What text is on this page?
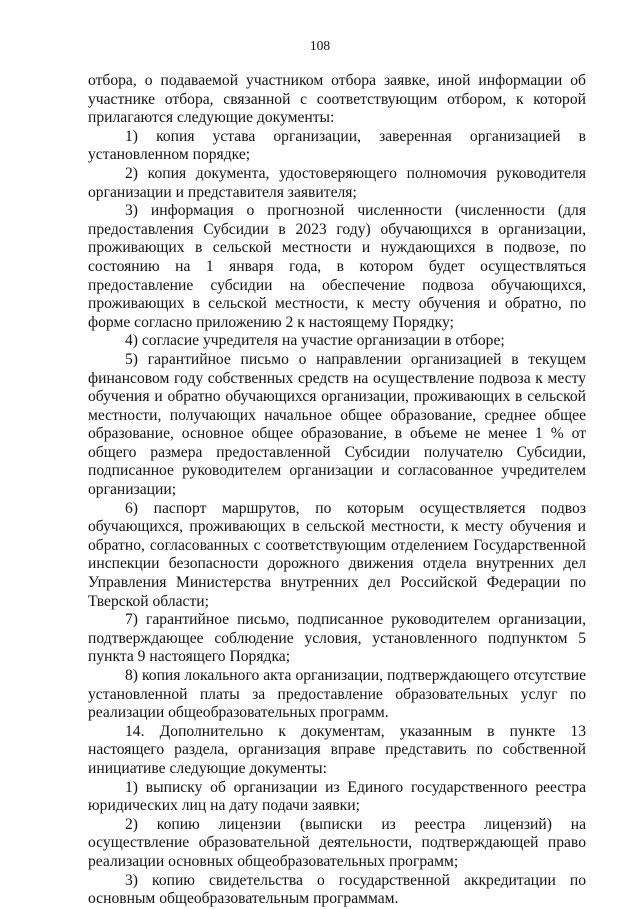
108

отбора, о подаваемой участником отбора заявке, иной информации об участнике отбора, связанной с соответствующим отбором, к которой прилагаются следующие документы:

1) копия устава организации, заверенная организацией в установленном порядке;

2) копия документа, удостоверяющего полномочия руководителя организации и представителя заявителя;

3) информация о прогнозной численности (численности (для предоставления Субсидии в 2023 году) обучающихся в организации, проживающих в сельской местности и нуждающихся в подвозе, по состоянию на 1 января года, в котором будет осуществляться предоставление субсидии на обеспечение подвоза обучающихся, проживающих в сельской местности, к месту обучения и обратно, по форме согласно приложению 2 к настоящему Порядку;

4) согласие учредителя на участие организации в отборе;

5) гарантийное письмо о направлении организацией в текущем финансовом году собственных средств на осуществление подвоза к месту обучения и обратно обучающихся организации, проживающих в сельской местности, получающих начальное общее образование, среднее общее образование, основное общее образование, в объеме не менее 1 % от общего размера предоставленной Субсидии получателю Субсидии, подписанное руководителем организации и согласованное учредителем организации;

6) паспорт маршрутов, по которым осуществляется подвоз обучающихся, проживающих в сельской местности, к месту обучения и обратно, согласованных с соответствующим отделением Государственной инспекции безопасности дорожного движения отдела внутренних дел Управления Министерства внутренних дел Российской Федерации по Тверской области;

7) гарантийное письмо, подписанное руководителем организации, подтверждающее соблюдение условия, установленного подпунктом 5 пункта 9 настоящего Порядка;

8) копия локального акта организации, подтверждающего отсутствие установленной платы за предоставление образовательных услуг по реализации общеобразовательных программ.

14. Дополнительно к документам, указанным в пункте 13 настоящего раздела, организация вправе представить по собственной инициативе следующие документы:

1) выписку об организации из Единого государственного реестра юридических лиц на дату подачи заявки;

2) копию лицензии (выписки из реестра лицензий) на осуществление образовательной деятельности, подтверждающей право реализации основных общеобразовательных программ;

3) копию свидетельства о государственной аккредитации по основным общеобразовательным программам.
